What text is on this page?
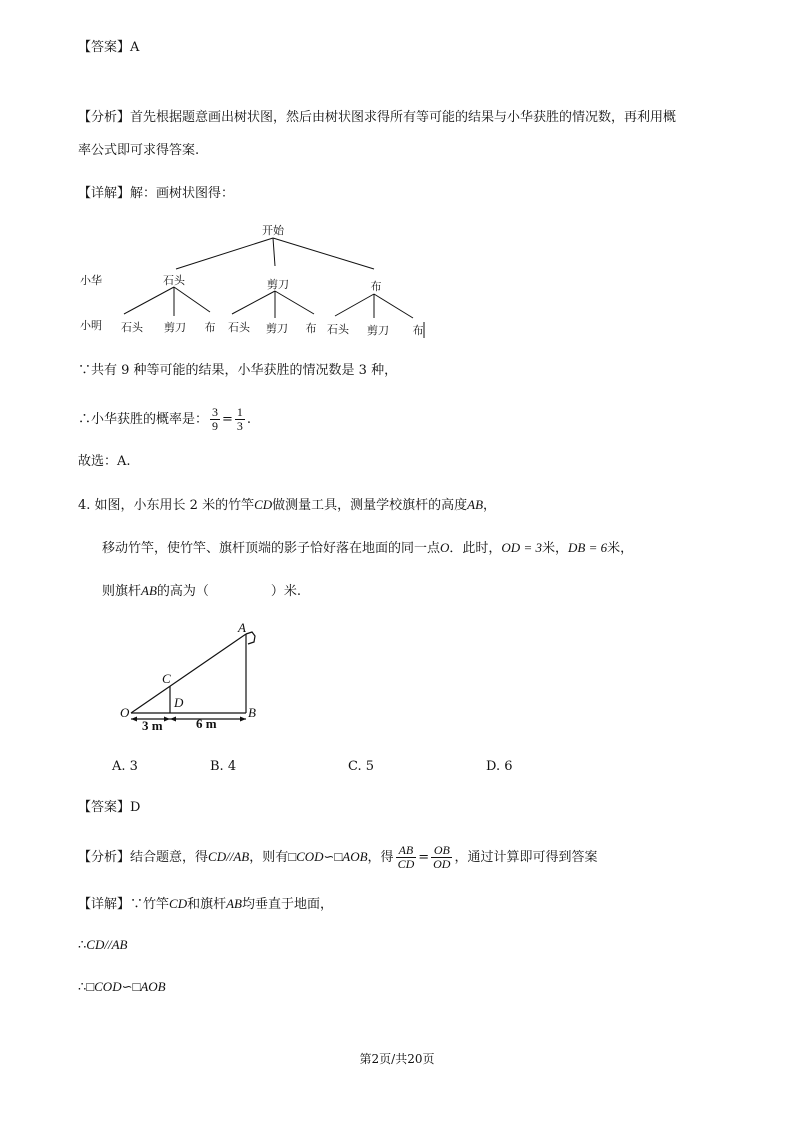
【答案】A
【分析】首先根据题意画出树状图，然后由树状图求得所有等可能的结果与小华获胜的情况数，再利用概
率公式即可求得答案.
【详解】解：画树状图得：
开始
小华
小明
石头	剪刀	布
石头 剪刀 布 石头 剪刀 布 石头 剪刀 布
∵共有 9 种等可能的结果，小华获胜的情况数是 3 种，
∴小华获胜的概率是： $\frac{3}{9} = \frac{1}{3}$ .
故选：A.
4. 如图，小东用长 2 米的竹竿CD做测量工具，测量学校旗杆的高度AB，
移动竹竿，使竹竿、旗杆顶端的影子恰好落在地面的同一点O．此时，OD = 3米，DB = 6米，
则旗杆AB的高为（	）米.
A
B
C
D
O
3 m	6 m
A. 3	B. 4	C. 5	D. 6
【答案】D
【分析】结合题意，得CD//AB，则有□COD∽□AOB，得 $\frac{AB}{CD} = \frac{OB}{OD}$ ，通过计算即可得到答案
【详解】∵竹竿CD和旗杆AB均垂直于地面，
∴CD//AB
∴□COD∽□AOB
第2页/共20页
